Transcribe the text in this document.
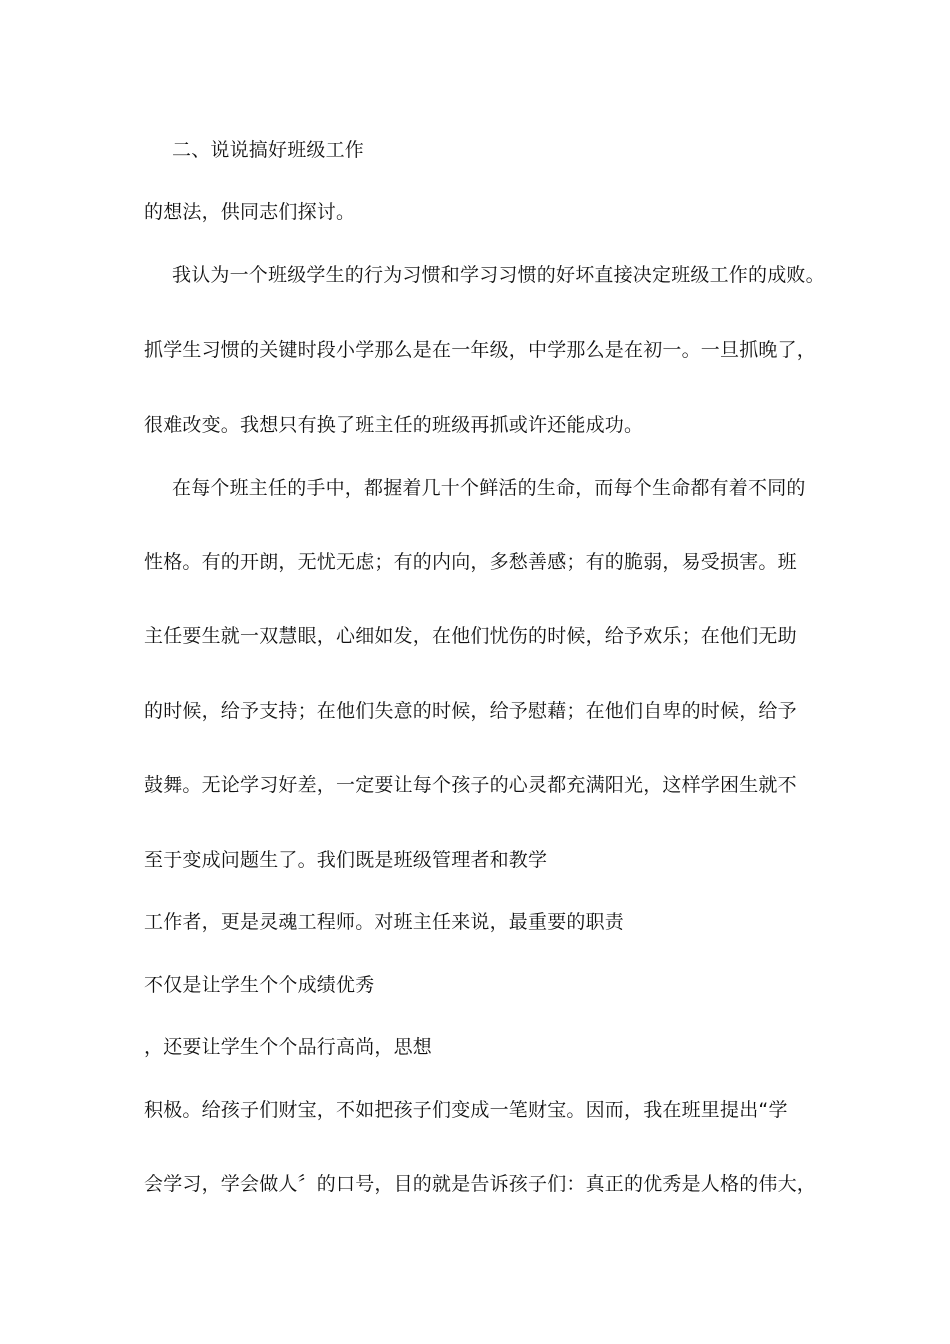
二、说说搞好班级工作

的想法，供同志们探讨。

我认为一个班级学生的行为习惯和学习习惯的好坏直接决定班级工作的成败。

抓学生习惯的关键时段小学那么是在一年级，中学那么是在初一。一旦抓晚了，

很难改变。我想只有换了班主任的班级再抓或许还能成功。

在每个班主任的手中，都握着几十个鲜活的生命，而每个生命都有着不同的

性格。有的开朗，无忧无虑；有的内向，多愁善感；有的脆弱，易受损害。班

主任要生就一双慧眼，心细如发，在他们忧伤的时候，给予欢乐；在他们无助

的时候，给予支持；在他们失意的时候，给予慰藉；在他们自卑的时候，给予

鼓舞。无论学习好差，一定要让每个孩子的心灵都充满阳光，这样学困生就不

至于变成问题生了。我们既是班级管理者和教学

工作者，更是灵魂工程师。对班主任来说，最重要的职责

不仅是让学生个个成绩优秀

，还要让学生个个品行高尚，思想

积极。给孩子们财宝，不如把孩子们变成一笔财宝。因而，我在班里提出“学

会学习，学会做人〞的口号，目的就是告诉孩子们：真正的优秀是人格的伟大，
